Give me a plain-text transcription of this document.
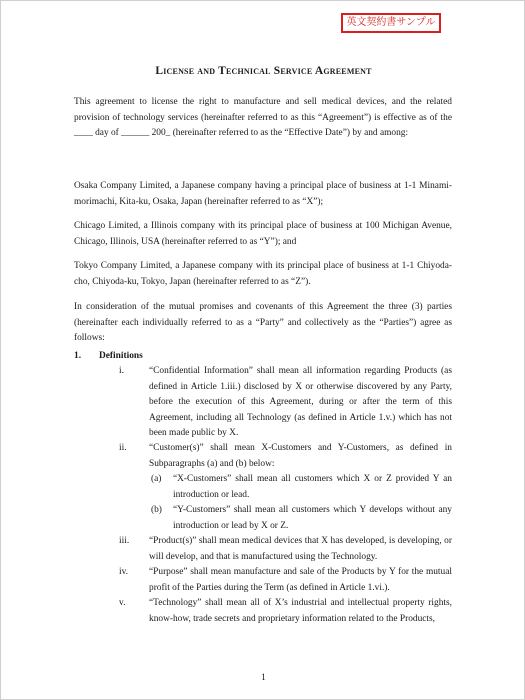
英文契約書サンプル
License and Technical Service Agreement
This agreement to license the right to manufacture and sell medical devices, and the related provision of technology services (hereinafter referred to as this “Agreement”) is effective as of the ____ day of ______ 200_ (hereinafter referred to as the “Effective Date”) by and among:
Osaka Company Limited, a Japanese company having a principal place of business at 1-1 Minami-morimachi, Kita-ku, Osaka, Japan (hereinafter referred to as “X”);
Chicago Limited, a Illinois company with its principal place of business at 100 Michigan Avenue, Chicago, Illinois, USA (hereinafter referred to as “Y”); and
Tokyo Company Limited, a Japanese company with its principal place of business at 1-1 Chiyoda-cho, Chiyoda-ku, Tokyo, Japan (hereinafter referred to as “Z”).
In consideration of the mutual promises and covenants of this Agreement the three (3) parties (hereinafter each individually referred to as a “Party” and collectively as the “Parties”) agree as follows:
1. Definitions
i.	“Confidential Information” shall mean all information regarding Products (as defined in Article 1.iii.) disclosed by X or otherwise discovered by any Party, before the execution of this Agreement, during or after the term of this Agreement, including all Technology (as defined in Article 1.v.) which has not been made public by X.
ii. “Customer(s)” shall mean X-Customers and Y-Customers, as defined in Subparagraphs (a) and (b) below:
(a) “X-Customers” shall mean all customers which X or Z provided Y an introduction or lead.
(b) “Y-Customers” shall mean all customers which Y develops without any introduction or lead by X or Z.
iii. “Product(s)” shall mean medical devices that X has developed, is developing, or will develop, and that is manufactured using the Technology.
iv. “Purpose” shall mean manufacture and sale of the Products by Y for the mutual profit of the Parties during the Term (as defined in Article 1.vi.).
v.	“Technology” shall mean all of X’s industrial and intellectual property rights, know-how, trade secrets and proprietary information related to the Products,
1
